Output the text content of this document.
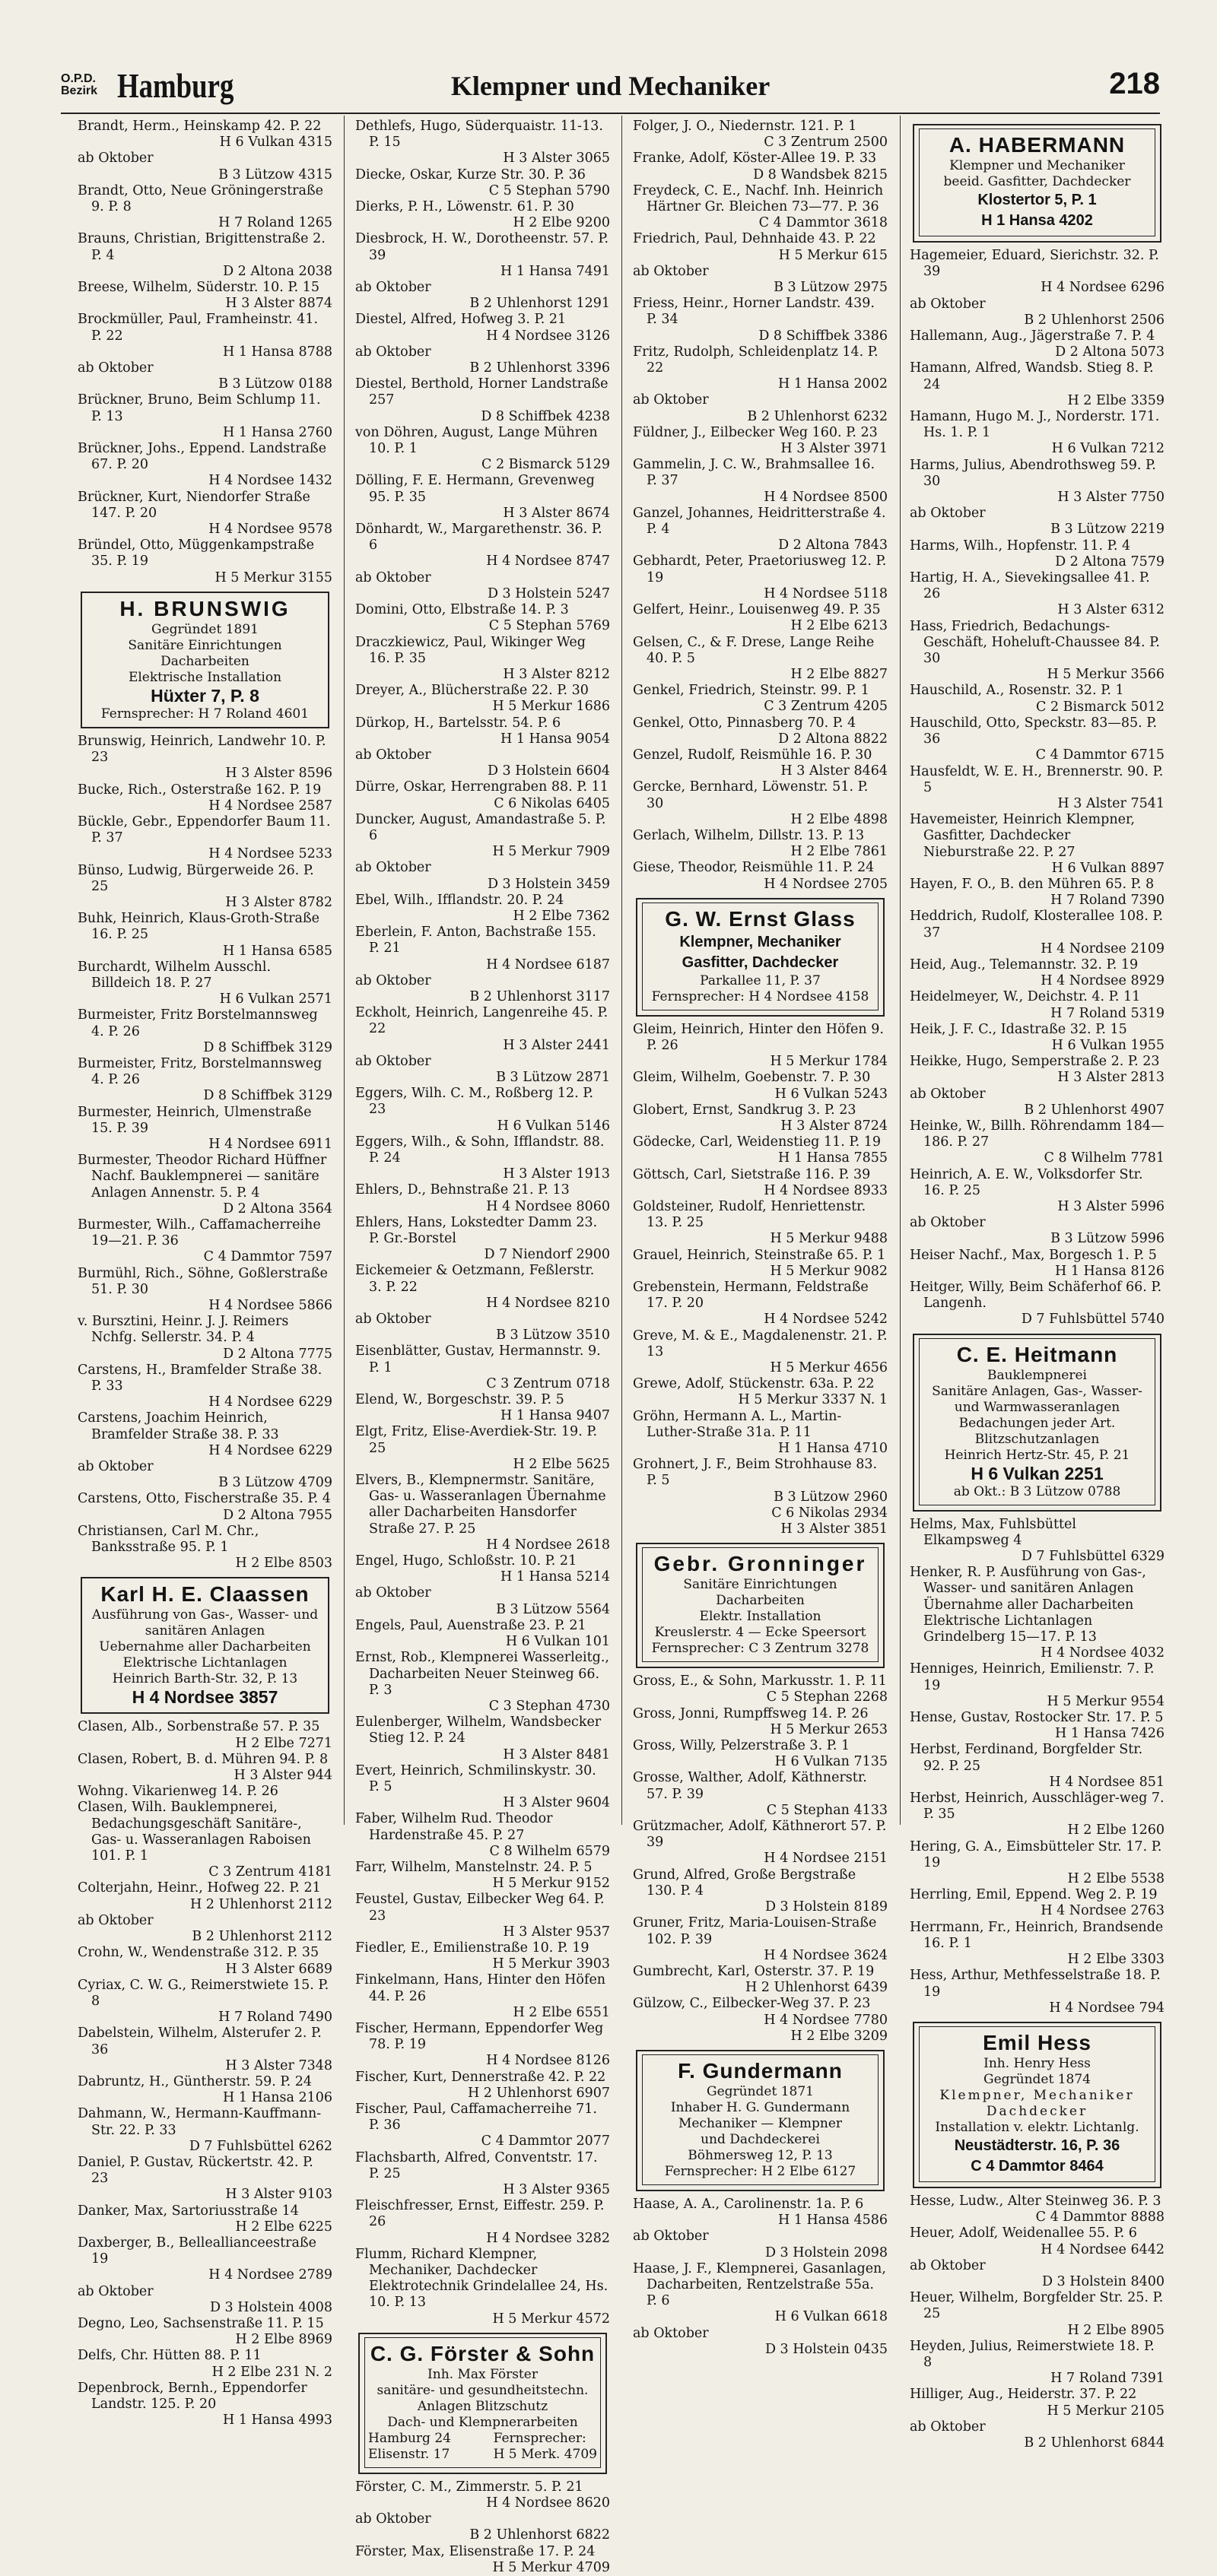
O.P.D.
Bezirk Hamburg	Klempner und Mechaniker	218
Brandt, Herm., Heinskamp 42. P. 22
H 6 Vulkan 4315
ab Oktober
B 3 Lützow 4315
Brandt, Otto, Neue Gröningerstraße 9. P. 8
H 7 Roland 1265
Brauns, Christian, Brigittenstraße 2. P. 4
D 2 Altona 2038
Breese, Wilhelm, Süderstr. 10. P. 15
H 3 Alster 8874
Brockmüller, Paul, Framheinstr. 41. P. 22
H 1 Hansa 8788
ab Oktober
B 3 Lützow 0188
Brückner, Bruno, Beim Schlump 11. P. 13
H 1 Hansa 2760
Brückner, Johs., Eppend. Landstraße 67. P. 20
H 4 Nordsee 1432
Brückner, Kurt, Niendorfer Straße 147. P. 20
H 4 Nordsee 9578
Bründel, Otto, Müggenkampstraße 35. P. 19
H 5 Merkur 3155
H. BRUNSWIG
Gegründet 1891
Sanitäre Einrichtungen
Dacharbeiten
Elektrische Installation
Hüxter 7, P. 8
Fernsprecher: H 7 Roland 4601
Brunswig, Heinrich, Landwehr 10. P. 23
H 3 Alster 8596
Bucke, Rich., Osterstraße 162. P. 19
H 4 Nordsee 2587
Bückle, Gebr., Eppendorfer Baum 11. P. 37
H 4 Nordsee 5233
Bünso, Ludwig, Bürgerweide 26. P. 25
H 3 Alster 8782
Buhk, Heinrich, Klaus-Groth-Straße 16. P. 25
H 1 Hansa 6585
Burchardt, Wilhelm Ausschl. Billdeich 18. P. 27
H 6 Vulkan 2571
Burmeister, Fritz Borstelmannsweg 4. P. 26
D 8 Schiffbek 3129
Burmeister, Fritz, Borstelmannsweg 4. P. 26
D 8 Schiffbek 3129
Burmester, Heinrich, Ulmenstraße 15. P. 39
H 4 Nordsee 6911
Burmester, Theodor Richard Hüffner Nachf. Bauklempnerei — sanitäre Anlagen Annenstr. 5. P. 4
D 2 Altona 3564
Burmester, Wilh., Caffamacherreihe 19—21. P. 36
C 4 Dammtor 7597
Burmühl, Rich., Söhne, Goßlerstraße 51. P. 30
H 4 Nordsee 5866
v. Bursztini, Heinr. J. J. Reimers Nchfg. Sellerstr. 34. P. 4
D 2 Altona 7775
Carstens, H., Bramfelder Straße 38. P. 33
H 4 Nordsee 6229
Carstens, Joachim Heinrich, Bramfelder Straße 38. P. 33
H 4 Nordsee 6229
ab Oktober
B 3 Lützow 4709
Carstens, Otto, Fischerstraße 35. P. 4
D 2 Altona 7955
Christiansen, Carl M. Chr., Banksstraße 95. P. 1
H 2 Elbe 8503
Karl H. E. Claassen
Ausführung von Gas-, Wasser- und sanitären Anlagen
Uebernahme aller Dacharbeiten
Elektrische Lichtanlagen
Heinrich Barth-Str. 32, P. 13
H 4 Nordsee 3857
Clasen, Alb., Sorbenstraße 57. P. 35
H 2 Elbe 7271
Clasen, Robert, B. d. Mühren 94. P. 8
H 3 Alster 944
Wohng. Vikarienweg 14. P. 26
Clasen, Wilh. Bauklempnerei, Bedachungsgeschäft Sanitäre-, Gas- u. Wasseranlagen Raboisen 101. P. 1
C 3 Zentrum 4181
Colterjahn, Heinr., Hofweg 22. P. 21
H 2 Uhlenhorst 2112
ab Oktober
B 2 Uhlenhorst 2112
Crohn, W., Wendenstraße 312. P. 35
H 3 Alster 6689
Cyriax, C. W. G., Reimerstwiete 15. P. 8
H 7 Roland 7490
Dabelstein, Wilhelm, Alsterufer 2. P. 36
H 3 Alster 7348
Dabruntz, H., Güntherstr. 59. P. 24
H 1 Hansa 2106
Dahmann, W., Hermann-Kauffmann-Str. 22. P. 33
D 7 Fuhlsbüttel 6262
Daniel, P. Gustav, Rückertstr. 42. P. 23
H 3 Alster 9103
Danker, Max, Sartoriusstraße 14
H 2 Elbe 6225
Daxberger, B., Belleallianceestraße 19
H 4 Nordsee 2789
ab Oktober
D 3 Holstein 4008
Degno, Leo, Sachsenstraße 11. P. 15
H 2 Elbe 8969
Delfs, Chr. Hütten 88. P. 11
H 2 Elbe 231 N. 2
Depenbrock, Bernh., Eppendorfer Landstr. 125. P. 20
H 1 Hansa 4993
Dethlefs, Hugo, Süderquaistr. 11-13. P. 15
H 3 Alster 3065
Diecke, Oskar, Kurze Str. 30. P. 36
C 5 Stephan 5790
Dierks, P. H., Löwenstr. 61. P. 30
H 2 Elbe 9200
Diesbrock, H. W., Dorotheenstr. 57. P. 39
H 1 Hansa 7491
ab Oktober
B 2 Uhlenhorst 1291
Diestel, Alfred, Hofweg 3. P. 21
H 4 Nordsee 3126
ab Oktober
B 2 Uhlenhorst 3396
Diestel, Berthold, Horner Landstraße 257
D 8 Schiffbek 4238
von Döhren, August, Lange Mühren 10. P. 1
C 2 Bismarck 5129
Dölling, F. E. Hermann, Grevenweg 95. P. 35
H 3 Alster 8674
Dönhardt, W., Margarethenstr. 36. P. 6
H 4 Nordsee 8747
ab Oktober
D 3 Holstein 5247
Domini, Otto, Elbstraße 14. P. 3
C 5 Stephan 5769
Draczkiewicz, Paul, Wikinger Weg 16. P. 35
H 3 Alster 8212
Dreyer, A., Blücherstraße 22. P. 30
H 5 Merkur 1686
Dürkop, H., Bartelsstr. 54. P. 6
H 1 Hansa 9054
ab Oktober
D 3 Holstein 6604
Dürre, Oskar, Herrengraben 88. P. 11
C 6 Nikolas 6405
Duncker, August, Amandastraße 5. P. 6
H 5 Merkur 7909
ab Oktober
D 3 Holstein 3459
Ebel, Wilh., Ifflandstr. 20. P. 24
H 2 Elbe 7362
Eberlein, F. Anton, Bachstraße 155. P. 21
H 4 Nordsee 6187
ab Oktober
B 2 Uhlenhorst 3117
Eckholt, Heinrich, Langenreihe 45. P. 22
H 3 Alster 2441
ab Oktober
B 3 Lützow 2871
Eggers, Wilh. C. M., Roßberg 12. P. 23
H 6 Vulkan 5146
Eggers, Wilh., & Sohn, Ifflandstr. 88. P. 24
H 3 Alster 1913
Ehlers, D., Behnstraße 21. P. 13
H 4 Nordsee 8060
Ehlers, Hans, Lokstedter Damm 23. P. Gr.-Borstel
D 7 Niendorf 2900
Eickemeier & Oetzmann, Feßlerstr. 3. P. 22
H 4 Nordsee 8210
ab Oktober
B 3 Lützow 3510
Eisenblätter, Gustav, Hermannstr. 9. P. 1
C 3 Zentrum 0718
Elend, W., Borgeschstr. 39. P. 5
H 1 Hansa 9407
Elgt, Fritz, Elise-Averdiek-Str. 19. P. 25
H 2 Elbe 5625
Elvers, B., Klempnermstr. Sanitäre, Gas- u. Wasseranlagen Übernahme aller Dacharbeiten Hansdorfer Straße 27. P. 25
H 4 Nordsee 2618
Engel, Hugo, Schloßstr. 10. P. 21
H 1 Hansa 5214
ab Oktober
B 3 Lützow 5564
Engels, Paul, Auenstraße 23. P. 21
H 6 Vulkan 101
Ernst, Rob., Klempnerei Wasserleitg., Dacharbeiten Neuer Steinweg 66. P. 3
C 3 Stephan 4730
Eulenberger, Wilhelm, Wandsbecker Stieg 12. P. 24
H 3 Alster 8481
Evert, Heinrich, Schmilinskystr. 30. P. 5
H 3 Alster 9604
Faber, Wilhelm Rud. Theodor Hardenstraße 45. P. 27
C 8 Wilhelm 6579
Farr, Wilhelm, Manstelnstr. 24. P. 5
H 5 Merkur 9152
Feustel, Gustav, Eilbecker Weg 64. P. 23
H 3 Alster 9537
Fiedler, E., Emilienstraße 10. P. 19
H 5 Merkur 3903
Finkelmann, Hans, Hinter den Höfen 44. P. 26
H 2 Elbe 6551
Fischer, Hermann, Eppendorfer Weg 78. P. 19
H 4 Nordsee 8126
Fischer, Kurt, Dennerstraße 42. P. 22
H 2 Uhlenhorst 6907
Fischer, Paul, Caffamacherreihe 71. P. 36
C 4 Dammtor 2077
Flachsbarth, Alfred, Conventstr. 17. P. 25
H 3 Alster 9365
Fleischfresser, Ernst, Eiffestr. 259. P. 26
H 4 Nordsee 3282
Flumm, Richard Klempner, Mechaniker, Dachdecker Elektrotechnik Grindelallee 24, Hs. 10. P. 13
H 5 Merkur 4572
C. G. Förster & Sohn
Inh. Max Förster
sanitäre- und gesundheitstechn. Anlagen Blitzschutz
Dach- und Klempnerarbeiten
Hamburg 24
Elisenstr. 17
Fernsprecher:
H 5 Merk. 4709
Förster, C. M., Zimmerstr. 5. P. 21
H 4 Nordsee 8620
ab Oktober
B 2 Uhlenhorst 6822
Förster, Max, Elisenstraße 17. P. 24
H 5 Merkur 4709
Folger, J. O., Niedernstr. 121. P. 1
C 3 Zentrum 2500
Franke, Adolf, Köster-Allee 19. P. 33
D 8 Wandsbek 8215
Freydeck, C. E., Nachf. Inh. Heinrich Härtner Gr. Bleichen 73—77. P. 36
C 4 Dammtor 3618
Friedrich, Paul, Dehnhaide 43. P. 22
H 5 Merkur 615
ab Oktober
B 3 Lützow 2975
Friess, Heinr., Horner Landstr. 439. P. 34
D 8 Schiffbek 3386
Fritz, Rudolph, Schleidenplatz 14. P. 22
H 1 Hansa 2002
ab Oktober
B 2 Uhlenhorst 6232
Füldner, J., Eilbecker Weg 160. P. 23
H 3 Alster 3971
Gammelin, J. C. W., Brahmsallee 16. P. 37
H 4 Nordsee 8500
Ganzel, Johannes, Heidritterstraße 4. P. 4
D 2 Altona 7843
Gebhardt, Peter, Praetoriusweg 12. P. 19
H 4 Nordsee 5118
Gelfert, Heinr., Louisenweg 49. P. 35
H 2 Elbe 6213
Gelsen, C., & F. Drese, Lange Reihe 40. P. 5
H 2 Elbe 8827
Genkel, Friedrich, Steinstr. 99. P. 1
C 3 Zentrum 4205
Genkel, Otto, Pinnasberg 70. P. 4
D 2 Altona 8822
Genzel, Rudolf, Reismühle 16. P. 30
H 3 Alster 8464
Gercke, Bernhard, Löwenstr. 51. P. 30
H 2 Elbe 4898
Gerlach, Wilhelm, Dillstr. 13. P. 13
H 2 Elbe 7861
Giese, Theodor, Reismühle 11. P. 24
H 4 Nordsee 2705
G. W. Ernst Glass
Klempner, Mechaniker
Gasfitter, Dachdecker
Parkallee 11, P. 37
Fernsprecher: H 4 Nordsee 4158
Gleim, Heinrich, Hinter den Höfen 9. P. 26
H 5 Merkur 1784
Gleim, Wilhelm, Goebenstr. 7. P. 30
H 6 Vulkan 5243
Globert, Ernst, Sandkrug 3. P. 23
H 3 Alster 8724
Gödecke, Carl, Weidenstieg 11. P. 19
H 1 Hansa 7855
Göttsch, Carl, Sietstraße 116. P. 39
H 4 Nordsee 8933
Goldsteiner, Rudolf, Henriettenstr. 13. P. 25
H 5 Merkur 9488
Grauel, Heinrich, Steinstraße 65. P. 1
H 5 Merkur 9082
Grebenstein, Hermann, Feldstraße 17. P. 20
H 4 Nordsee 5242
Greve, M. & E., Magdalenenstr. 21. P. 13
H 5 Merkur 4656
Grewe, Adolf, Stückenstr. 63a. P. 22
H 5 Merkur 3337 N. 1
Gröhn, Hermann A. L., Martin-Luther-Straße 31a. P. 11
H 1 Hansa 4710
Grohnert, J. F., Beim Strohhause 83. P. 5
B 3 Lützow 2960
C 6 Nikolas 2934
H 3 Alster 3851
Gebr. Gronninger
Sanitäre Einrichtungen
Dacharbeiten
Elektr. Installation
Kreuslerstr. 4 — Ecke Speersort
Fernsprecher: C 3 Zentrum 3278
Gross, E., & Sohn, Markusstr. 1. P. 11
C 5 Stephan 2268
Gross, Jonni, Rumpffsweg 14. P. 26
H 5 Merkur 2653
Gross, Willy, Pelzerstraße 3. P. 1
H 6 Vulkan 7135
Grosse, Walther, Adolf, Käthnerstr. 57. P. 39
C 5 Stephan 4133
Grützmacher, Adolf, Käthnerort 57. P. 39
H 4 Nordsee 2151
Grund, Alfred, Große Bergstraße 130. P. 4
D 3 Holstein 8189
Gruner, Fritz, Maria-Louisen-Straße 102. P. 39
H 4 Nordsee 3624
Gumbrecht, Karl, Osterstr. 37. P. 19
H 2 Uhlenhorst 6439
Gülzow, C., Eilbecker-Weg 37. P. 23
H 4 Nordsee 7780
H 2 Elbe 3209
F. Gundermann
Gegründet 1871
Inhaber H. G. Gundermann
Mechaniker — Klempner
und Dachdeckerei
Böhmersweg 12, P. 13
Fernsprecher: H 2 Elbe 6127
Haase, A. A., Carolinenstr. 1a. P. 6
H 1 Hansa 4586
ab Oktober
D 3 Holstein 2098
Haase, J. F., Klempnerei, Gasanlagen, Dacharbeiten, Rentzelstraße 55a. P. 6
H 6 Vulkan 6618
ab Oktober
D 3 Holstein 0435
A. HABERMANN
Klempner und Mechaniker
beeid. Gasfitter, Dachdecker
Klostertor 5, P. 1
H 1 Hansa 4202
Hagemeier, Eduard, Sierichstr. 32. P. 39
H 4 Nordsee 6296
ab Oktober
B 2 Uhlenhorst 2506
Hallemann, Aug., Jägerstraße 7. P. 4
D 2 Altona 5073
Hamann, Alfred, Wandsb. Stieg 8. P. 24
H 2 Elbe 3359
Hamann, Hugo M. J., Norderstr. 171. Hs. 1. P. 1
H 6 Vulkan 7212
Harms, Julius, Abendrothsweg 59. P. 30
H 3 Alster 7750
ab Oktober
B 3 Lützow 2219
Harms, Wilh., Hopfenstr. 11. P. 4
D 2 Altona 7579
Hartig, H. A., Sievekingsallee 41. P. 26
H 3 Alster 6312
Hass, Friedrich, Bedachungs-Geschäft, Hoheluft-Chaussee 84. P. 30
H 5 Merkur 3566
Hauschild, A., Rosenstr. 32. P. 1
C 2 Bismarck 5012
Hauschild, Otto, Speckstr. 83—85. P. 36
C 4 Dammtor 6715
Hausfeldt, W. E. H., Brennerstr. 90. P. 5
H 3 Alster 7541
Havemeister, Heinrich Klempner, Gasfitter, Dachdecker Nieburstraße 22. P. 27
H 6 Vulkan 8897
Hayen, F. O., B. den Mühren 65. P. 8
H 7 Roland 7390
Heddrich, Rudolf, Klosterallee 108. P. 37
H 4 Nordsee 2109
Heid, Aug., Telemannstr. 32. P. 19
H 4 Nordsee 8929
Heidelmeyer, W., Deichstr. 4. P. 11
H 7 Roland 5319
Heik, J. F. C., Idastraße 32. P. 15
H 6 Vulkan 1955
Heikke, Hugo, Semperstraße 2. P. 23
H 3 Alster 2813
ab Oktober
B 2 Uhlenhorst 4907
Heinke, W., Billh. Röhrendamm 184—186. P. 27
C 8 Wilhelm 7781
Heinrich, A. E. W., Volksdorfer Str. 16. P. 25
H 3 Alster 5996
ab Oktober
B 3 Lützow 5996
Heiser Nachf., Max, Borgesch 1. P. 5
H 1 Hansa 8126
Heitger, Willy, Beim Schäferhof 66. P. Langenh.
D 7 Fuhlsbüttel 5740
C. E. Heitmann
Bauklempnerei
Sanitäre Anlagen, Gas-, Wasser- und Warmwasseranlagen
Bedachungen jeder Art. Blitzschutzanlagen
Heinrich Hertz-Str. 45, P. 21
H 6 Vulkan 2251
ab Okt.: B 3 Lützow 0788
Helms, Max, Fuhlsbüttel Elkampsweg 4
D 7 Fuhlsbüttel 6329
Henker, R. P. Ausführung von Gas-, Wasser- und sanitären Anlagen Übernahme aller Dacharbeiten Elektrische Lichtanlagen Grindelberg 15—17. P. 13
H 4 Nordsee 4032
Henniges, Heinrich, Emilienstr. 7. P. 19
H 5 Merkur 9554
Hense, Gustav, Rostocker Str. 17. P. 5
H 1 Hansa 7426
Herbst, Ferdinand, Borgfelder Str. 92. P. 25
H 4 Nordsee 851
Herbst, Heinrich, Ausschläger-weg 7. P. 35
H 2 Elbe 1260
Hering, G. A., Eimsbütteler Str. 17. P. 19
H 2 Elbe 5538
Herrling, Emil, Eppend. Weg 2. P. 19
H 4 Nordsee 2763
Herrmann, Fr., Heinrich, Brandsende 16. P. 1
H 2 Elbe 3303
Hess, Arthur, Methfesselstraße 18. P. 19
H 4 Nordsee 794
Emil Hess
Inh. Henry Hess
Gegründet 1874
Klempner, Mechaniker
Dachdecker
Installation v. elektr. Lichtanlg.
Neustädterstr. 16, P. 36
C 4 Dammtor 8464
Hesse, Ludw., Alter Steinweg 36. P. 3
C 4 Dammtor 8888
Heuer, Adolf, Weidenallee 55. P. 6
H 4 Nordsee 6442
ab Oktober
D 3 Holstein 8400
Heuer, Wilhelm, Borgfelder Str. 25. P. 25
H 2 Elbe 8905
Heyden, Julius, Reimerstwiete 18. P. 8
H 7 Roland 7391
Hilliger, Aug., Heiderstr. 37. P. 22
H 5 Merkur 2105
ab Oktober
B 2 Uhlenhorst 6844
